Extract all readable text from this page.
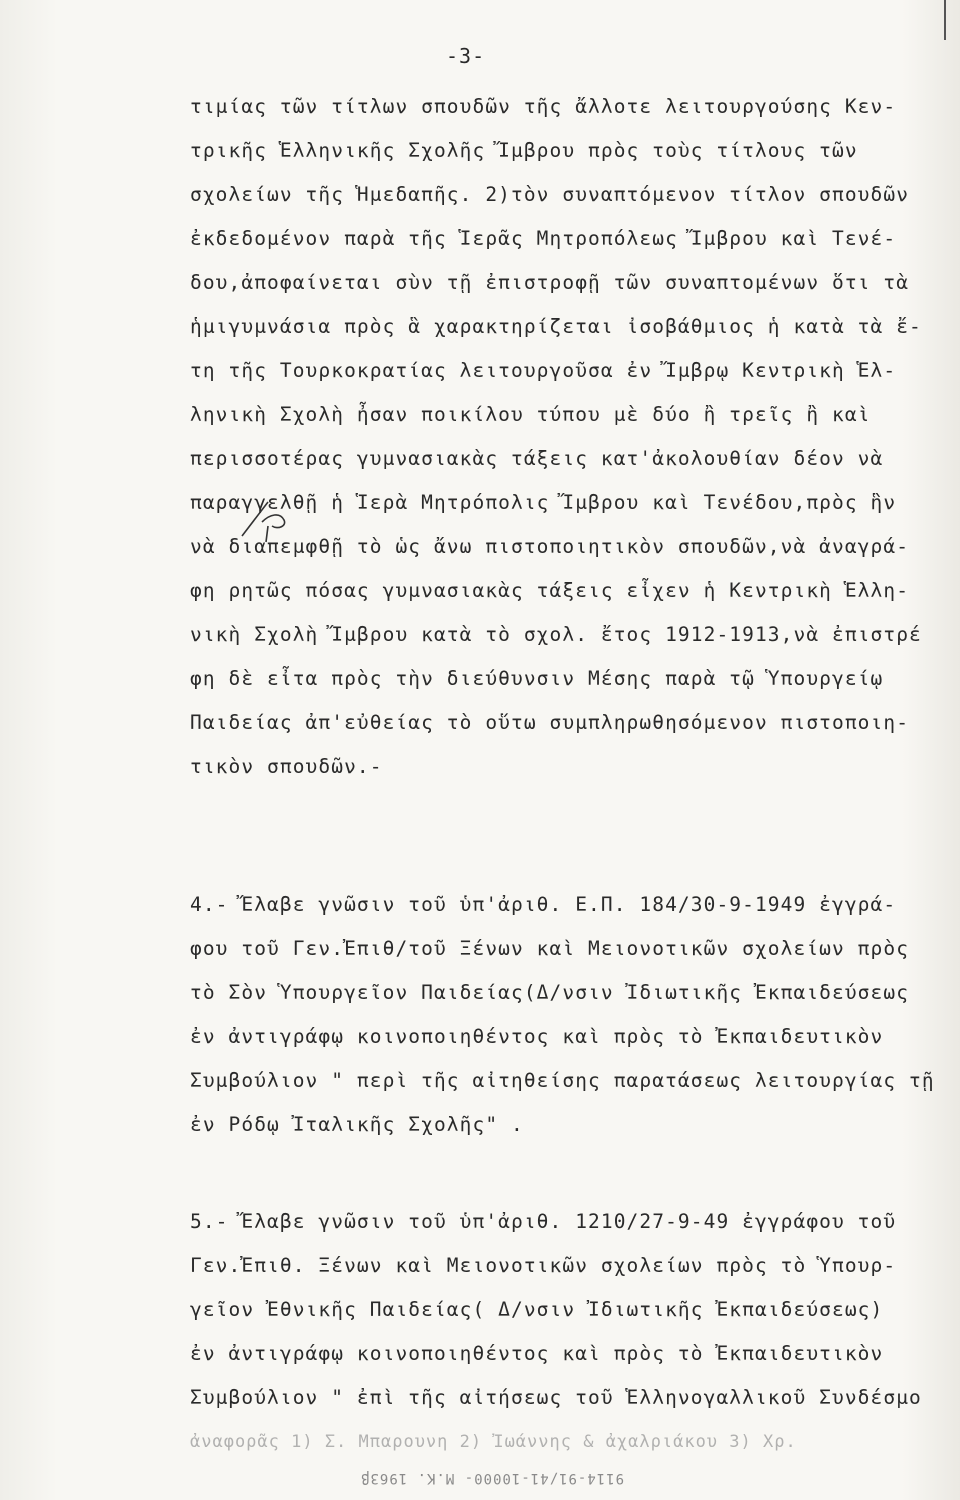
-3-
τιμίας τῶν τίτλων σπουδῶν τῆς ἄλλοτε λειτουργούσης Κεν-
τρικῆς Ἑλληνικῆς Σχολῆς Ἴμβρου πρὸς τοὺς τίτλους τῶν
σχολείων τῆς Ἡμεδαπῆς. 2)τὸν συναπτόμενον τίτλον σπουδῶν
ἐκδεδομένον παρὰ τῆς Ἱερᾶς Μητροπόλεως Ἴμβρου καὶ Τενέ-
δου,ἀποφαίνεται σὺν τῇ ἐπιστροφῇ τῶν συναπτομένων ὅτι τὰ
ἡμιγυμνάσια πρὸς ἃ χαρακτηρίζεται ἰσοβάθμιος ἡ κατὰ τὰ ἔ-
τη τῆς Τουρκοκρατίας λειτουργοῦσα ἐν Ἴμβρῳ Κεντρικὴ Ἑλ-
ληνικὴ Σχολὴ ἦσαν ποικίλου τύπου μὲ δύο ἢ τρεῖς ἢ καὶ
περισσοτέρας γυμνασιακὰς τάξεις κατ'ἀκολουθίαν δέον νὰ
παραγγελθῇ ἡ Ἱερὰ Μητρόπολις Ἴμβρου καὶ Τενέδου,πρὸς ἣν
νὰ διαπεμφθῇ τὸ ὡς ἄνω πιστοποιητικὸν σπουδῶν,νὰ ἀναγρά-
φη ρητῶς πόσας γυμνασιακὰς τάξεις εἶχεν ἡ Κεντρικὴ Ἑλλη-
νικὴ Σχολὴ Ἴμβρου κατὰ τὸ σχολ. ἔτος 1912-1913,νὰ ἐπιστρέ
φη δὲ εἶτα πρὸς τὴν διεύθυνσιν Μέσης παρὰ τῷ Ὑπουργείῳ
Παιδείας ἀπ'εὐθείας τὸ οὕτω συμπληρωθησόμενον πιστοποιη-
τικὸν σπουδῶν.-
4.- Ἔλαβε γνῶσιν τοῦ ὑπ'ἀριθ. Ε.Π. 184/30-9-1949 ἐγγρά-
φου τοῦ Γεν.Ἐπιθ/τοῦ Ξένων καὶ Μειονοτικῶν σχολείων πρὸς
τὸ Σὸν Ὑπουργεῖον Παιδείας(Δ/νσιν Ἰδιωτικῆς Ἐκπαιδεύσεως
ἐν ἀντιγράφῳ κοινοποιηθέντος καὶ πρὸς τὸ Ἐκπαιδευτικὸν
Συμβούλιον " περὶ τῆς αἰτηθείσης παρατάσεως λειτουργίας τῇ
ἐν Ρόδῳ Ἰταλικῆς Σχολῆς" .
5.- Ἔλαβε γνῶσιν τοῦ ὑπ'ἀριθ. 1210/27-9-49 ἐγγράφου τοῦ
Γεν.Ἐπιθ. Ξένων καὶ Μειονοτικῶν σχολείων πρὸς τὸ Ὑπουρ-
γεῖον Ἐθνικῆς Παιδείας( Δ/νσιν Ἰδιωτικῆς Ἐκπαιδεύσεως)
ἐν ἀντιγράφῳ κοινοποιηθέντος καὶ πρὸς τὸ Ἐκπαιδευτικὸν
Συμβούλιον " ἐπὶ τῆς αἰτήσεως τοῦ Ἑλληνογαλλικοῦ Συνδέσμο
ἀναφορᾶς 1) Σ. Μπαρουνη 2) Ἰωάννης & ἀχαλριάκου 3) Χρ.
9114-91/41-10000- Μ.Κ. 1963β
